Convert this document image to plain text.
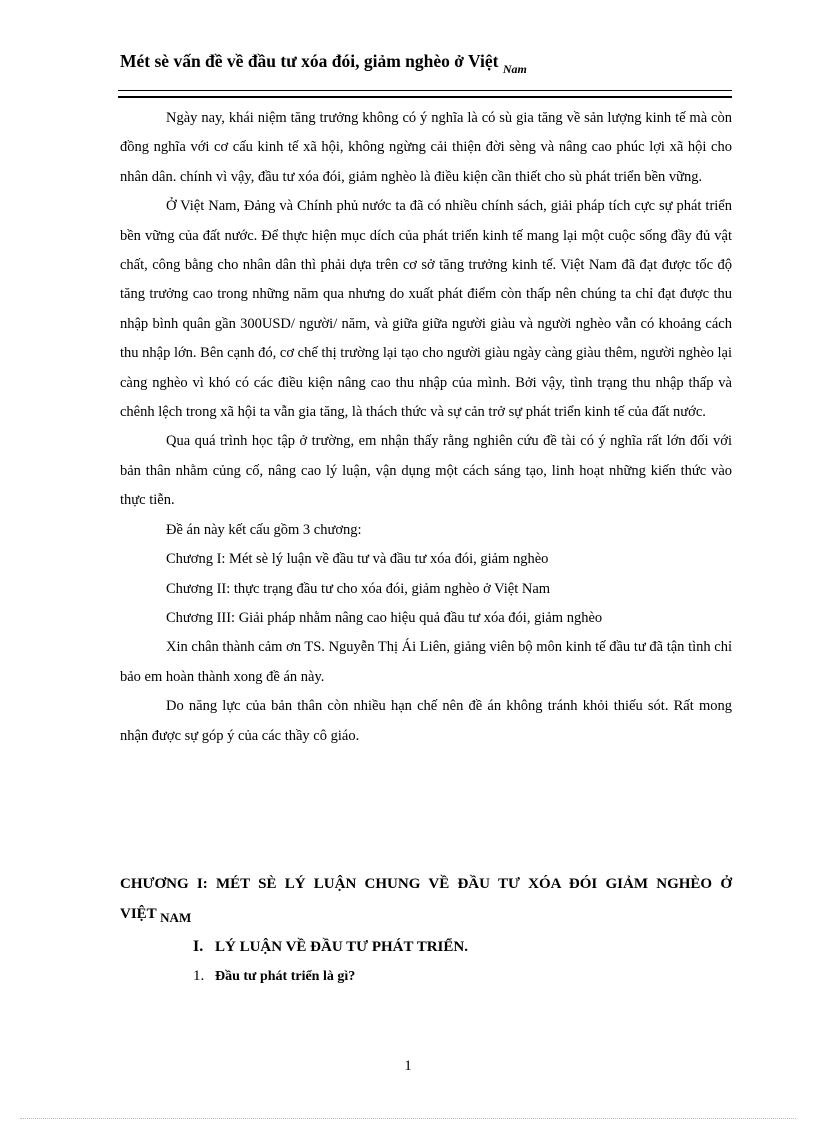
Mét sè vấn đề về đầu tư xóa đói, giảm nghèo ở Việt $_{Nam}$

Ngày nay, khái niệm tăng trưởng không có ý nghĩa là có sù gia tăng về sản lượng kinh tế mà còn đồng nghĩa với cơ cấu kinh tế xã hội, không ngừng cải thiện đời sèng và nâng cao phúc lợi xã hội cho nhân dân. chính vì vậy, đầu tư xóa đói, giảm nghèo là điều kiện cần thiết cho sù phát triển bền vững.

Ở Việt Nam, Đảng và Chính phủ nước ta đã có nhiều chính sách, giải pháp tích cực sự phát triển bền vững của đất nước. Để thực hiện mục dích của phát triển kinh tế mang lại một cuộc sống đầy đủ vật chất, công bằng cho nhân dân thì phải dựa trên cơ sở tăng trưởng kinh tế. Việt Nam đã đạt được tốc độ tăng trưởng cao trong những năm qua nhưng do xuất phát điểm còn thấp nên chúng ta chỉ đạt được thu nhập bình quân gần 300USD/ người/ năm, và giữa giữa người giàu và người nghèo vẫn có khoảng cách thu nhập lớn. Bên cạnh đó, cơ chế thị trường lại tạo cho người giàu ngày càng giàu thêm, người nghèo lại càng nghèo vì khó có các điều kiện nâng cao thu nhập của mình. Bởi vậy, tình trạng thu nhập thấp và chênh lệch trong xã hội ta vẫn gia tăng, là thách thức và sự cản trở sự phát triển kinh tế của đất nước.

Qua quá trình học tập ở trường, em nhận thấy rằng nghiên cứu đề tài có ý nghĩa rất lớn đối với bản thân nhằm củng cố, nâng cao lý luận, vận dụng một cách sáng tạo, linh hoạt những kiến thức vào thực tiễn.

Đề án này kết cấu gồm 3 chương:

Chương I: Mét sè lý luận về đầu tư và đầu tư xóa đói, giảm nghèo

Chương II: thực trạng đầu tư cho xóa đói, giảm nghèo ở Việt Nam

Chương III: Giải pháp nhằm nâng cao hiệu quả đầu tư xóa đói, giảm nghèo

Xin chân thành cảm ơn TS. Nguyễn Thị Ái Liên, giảng viên bộ môn kinh tế đầu tư đã tận tình chỉ bảo em hoàn thành xong đề án này.

Do năng lực của bản thân còn nhiều hạn chế nên đề án không tránh khỏi thiếu sót. Rất mong nhận được sự góp ý của các thầy cô giáo.

CHƯƠNG I: MÉT SÈ LÝ LUẬN CHUNG VỀ ĐẦU TƯ XÓA ĐÓI GIẢM NGHÈO Ở
VIỆT NAM
I. LÝ LUẬN VỀ ĐẦU TƯ PHÁT TRIỂN.
1. Đầu tư phát triển là gì?
1
